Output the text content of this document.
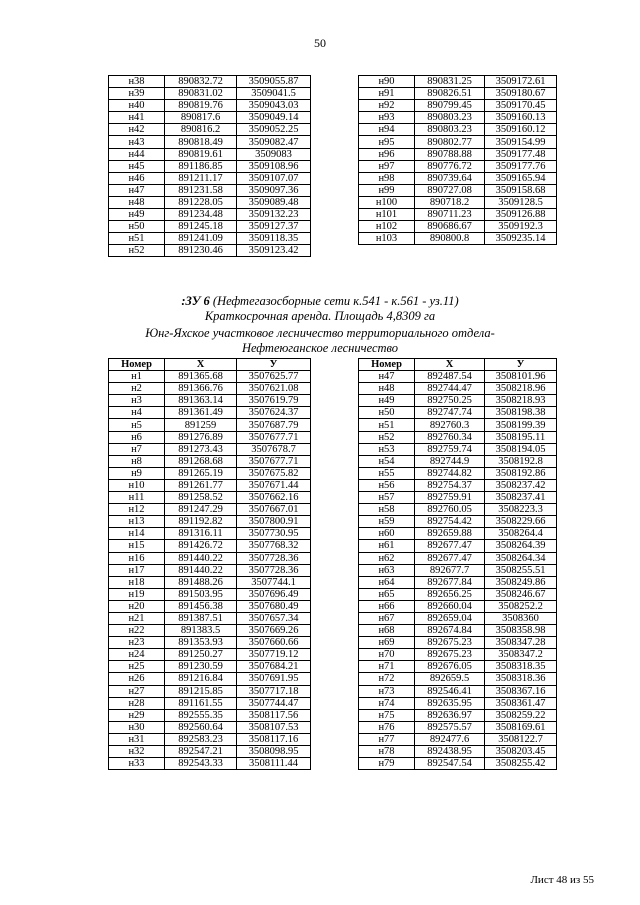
50
н38	890832.72	3509055.87
н39	890831.02	3509041.5
н40	890819.76	3509043.03
н41	890817.6	3509049.14
н42	890816.2	3509052.25
н43	890818.49	3509082.47
н44	890819.61	3509083
н45	891186.85	3509108.96
н46	891211.17	3509107.07
н47	891231.58	3509097.36
н48	891228.05	3509089.48
н49	891234.48	3509132.23
н50	891245.18	3509127.37
н51	891241.09	3509118.35
н52	891230.46	3509123.42
н90	890831.25	3509172.61
н91	890826.51	3509180.67
н92	890799.45	3509170.45
н93	890803.23	3509160.13
н94	890803.23	3509160.12
н95	890802.77	3509154.99
н96	890788.88	3509177.48
н97	890776.72	3509177.76
н98	890739.64	3509165.94
н99	890727.08	3509158.68
н100	890718.2	3509128.5
н101	890711.23	3509126.88
н102	890686.67	3509192.3
н103	890800.8	3509235.14
:ЗУ 6 (Нефтегазосборные сети к.541 - к.561 - уз.11)
Краткосрочная аренда. Площадь 4,8309 га
Юнг-Яхское участковое лесничество территориального отдела-
Нефтеюганское лесничество
Номер	Х	У
н1	891365.68	3507625.77
н2	891366.76	3507621.08
н3	891363.14	3507619.79
н4	891361.49	3507624.37
н5	891259	3507687.79
н6	891276.89	3507677.71
н7	891273.43	3507678.7
н8	891268.68	3507677.71
н9	891265.19	3507675.82
н10	891261.77	3507671.44
н11	891258.52	3507662.16
н12	891247.29	3507667.01
н13	891192.82	3507800.91
н14	891316.11	3507730.95
н15	891426.72	3507768.32
н16	891440.22	3507728.36
н17	891440.22	3507728.36
н18	891488.26	3507744.1
н19	891503.95	3507696.49
н20	891456.38	3507680.49
н21	891387.51	3507657.34
н22	891383.5	3507669.26
н23	891353.93	3507660.66
н24	891250.27	3507719.12
н25	891230.59	3507684.21
н26	891216.84	3507691.95
н27	891215.85	3507717.18
н28	891161.55	3507744.47
н29	892555.35	3508117.56
н30	892560.64	3508107.53
н31	892583.23	3508117.16
н32	892547.21	3508098.95
н33	892543.33	3508111.44
Номер	Х	У
н47	892487.54	3508101.96
н48	892744.47	3508218.96
н49	892750.25	3508218.93
н50	892747.74	3508198.38
н51	892760.3	3508199.39
н52	892760.34	3508195.11
н53	892759.74	3508194.05
н54	892744.9	3508192.8
н55	892744.82	3508192.86
н56	892754.37	3508237.42
н57	892759.91	3508237.41
н58	892760.05	3508223.3
н59	892754.42	3508229.66
н60	892659.88	3508264.4
н61	892677.47	3508264.39
н62	892677.47	3508264.34
н63	892677.7	3508255.51
н64	892677.84	3508249.86
н65	892656.25	3508246.67
н66	892660.04	3508252.2
н67	892659.04	3508360
н68	892674.84	3508358.98
н69	892675.23	3508347.28
н70	892675.23	3508347.2
н71	892676.05	3508318.35
н72	892659.5	3508318.36
н73	892546.41	3508367.16
н74	892635.95	3508361.47
н75	892636.97	3508259.22
н76	892575.57	3508169.61
н77	892477.6	3508122.7
н78	892438.95	3508203.45
н79	892547.54	3508255.42
Лист 48 из 55
